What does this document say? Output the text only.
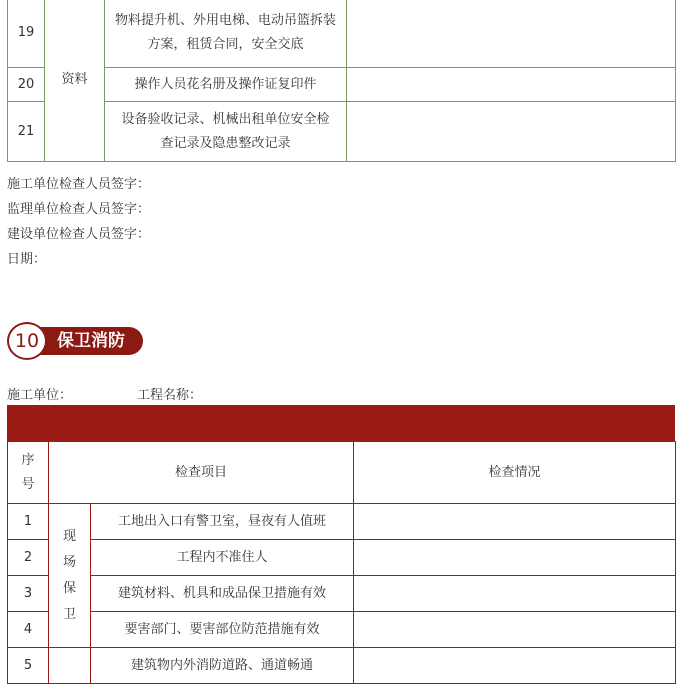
19	资料	物料提升机、外用电梯、电动吊篮拆装方案，租赁合同，安全交底	
20		操作人员花名册及操作证复印件	
21		设备验收记录、机械出租单位安全检查记录及隐患整改记录	
施工单位检查人员签字：
监理单位检查人员签字：
建设单位检查人员签字：
日期：
保卫消防
10
施工单位：	工程名称：
序号	检查项目		检查情况
1	现场保卫	工地出入口有警卫室，昼夜有人值班	
2		工程内不准住人	
3		建筑材料、机具和成品保卫措施有效	
4		要害部门、要害部位防范措施有效	
5		建筑物内外消防道路、通道畅通	
